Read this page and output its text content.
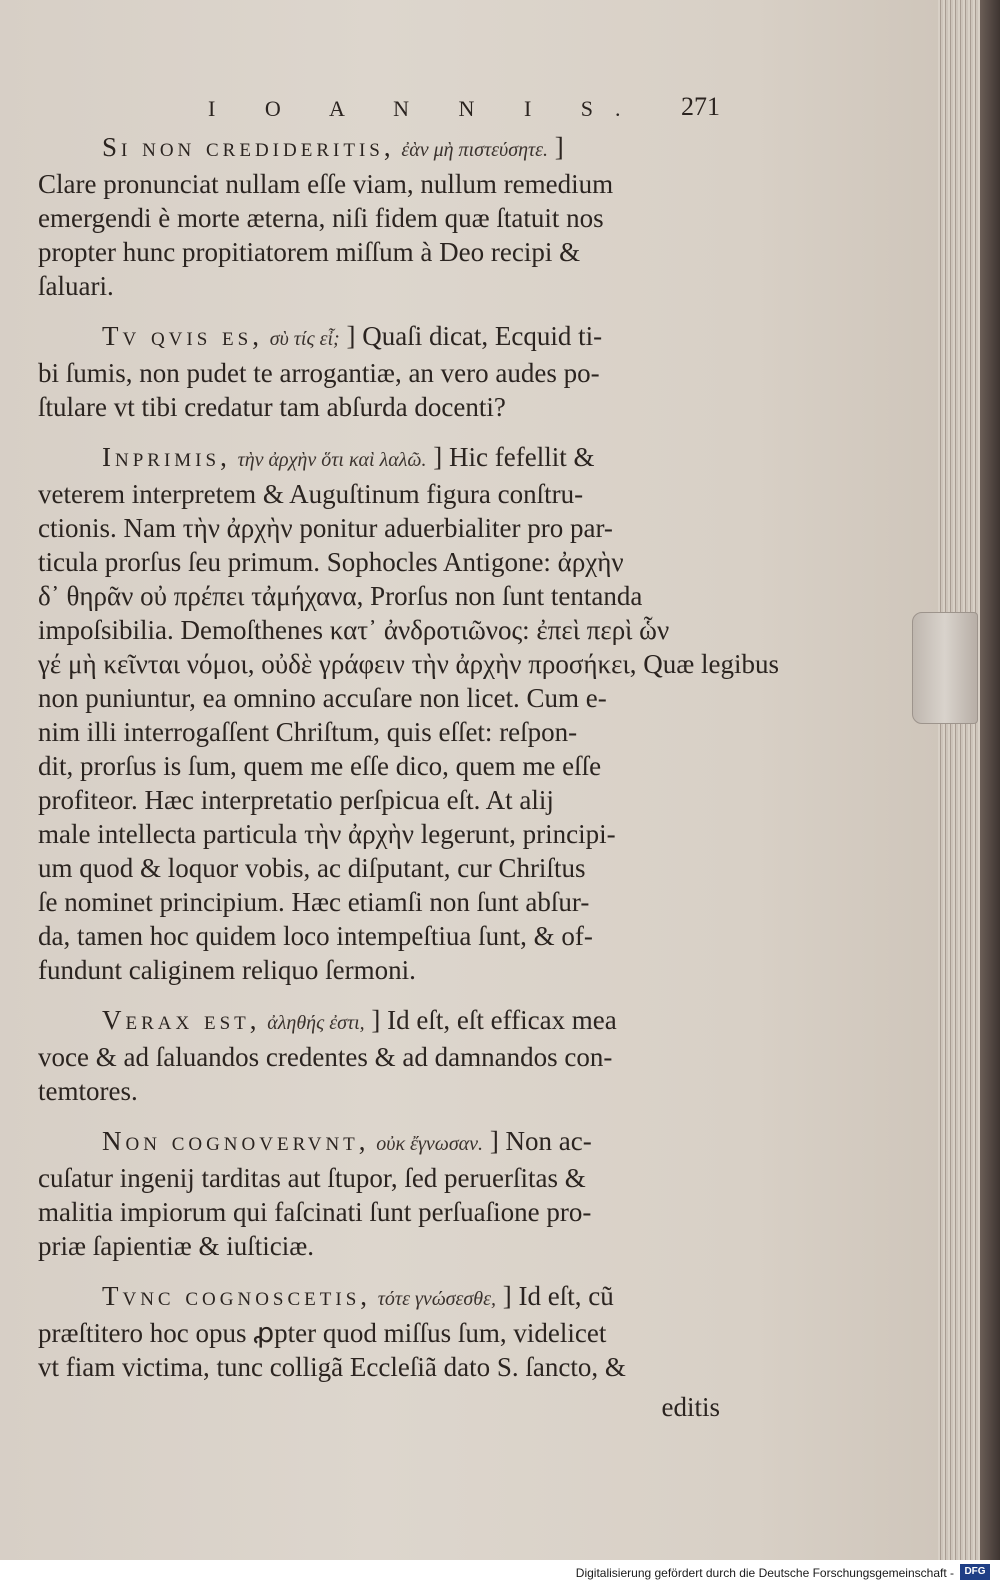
I O A N N I S. 271
Si non credideritis, ἐὰν μὴ πιστεύσητε. ]
Clare pronunciat nullam eſſe viam, nullum remedium
emergendi è morte æterna, niſi fidem quæ ſtatuit nos
propter hunc propitiatorem miſſum à Deo recipi &
ſaluari.
Tv qvis es, σὺ τίς εἶ; ] Quaſi dicat, Ecquid ti-
bi ſumis, non pudet te arrogantiæ, an vero audes po-
ſtulare vt tibi credatur tam abſurda docenti?
Inprimis, τὴν ἀρχὴν ὅτι καὶ λαλῶ. ] Hic fefellit &
veterem interpretem & Auguſtinum figura conſtru-
ctionis. Nam τὴν ἀρχὴν ponitur aduerbialiter pro par-
ticula prorſus ſeu primum. Sophocles Antigone: ἀρχὴν
δ᾽ θηρᾶν οὐ πρέπει τἀμήχανα, Prorſus non ſunt tentanda
impoſsibilia. Demoſthenes κατ᾽ ἀνδροτιῶνος: ἐπεὶ περὶ ὧν
γέ μὴ κεῖνται νόμοι, οὐδὲ γράφειν τὴν ἀρχὴν προσήκει, Quæ legibus
non puniuntur, ea omnino accuſare non licet. Cum e-
nim illi interrogaſſent Chriſtum, quis eſſet: reſpon-
dit, prorſus is ſum, quem me eſſe dico, quem me eſſe
profiteor. Hæc interpretatio perſpicua eſt. At alij
male intellecta particula τὴν ἀρχὴν legerunt, principi-
um quod & loquor vobis, ac diſputant, cur Chriſtus
ſe nominet principium. Hæc etiamſi non ſunt abſur-
da, tamen hoc quidem loco intempeſtiua ſunt, & of-
fundunt caliginem reliquo ſermoni.
Verax est, ἀληθής ἐστι, ] Id eſt, eſt efficax mea
voce & ad ſaluandos credentes & ad damnandos con-
temtores.
Non cognovervnt, οὐκ ἔγνωσαν. ] Non ac-
cuſatur ingenij tarditas aut ſtupor, ſed peruerſitas &
malitia impiorum qui faſcinati ſunt perſuaſione pro-
priæ ſapientiæ & iuſticiæ.
Tvnc cognoscetis, τότε γνώσεσθε, ] Id eſt, cũ
præſtitero hoc opus ꝓpter quod miſſus ſum, videlicet
vt fiam victima, tunc colligã Eccleſiã dato S. ſancto, &
editis
Digitalisierung gefördert durch die Deutsche Forschungsgemeinschaft -	DFG
